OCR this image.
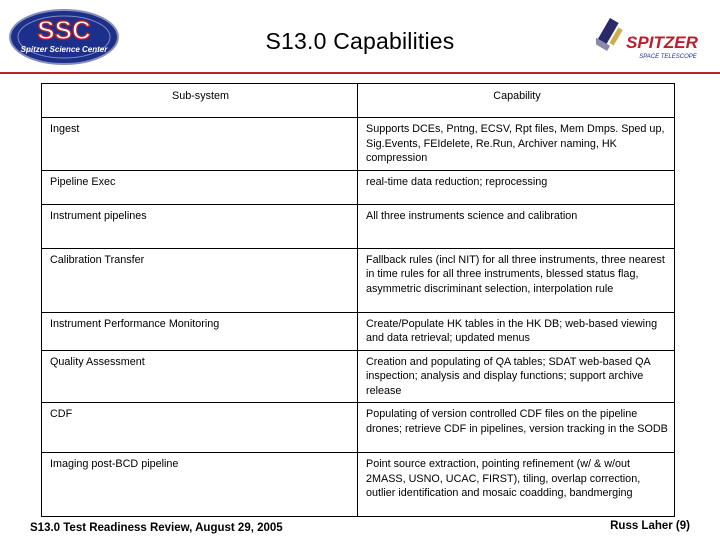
SSC
Spitzer Science Center	S13.0 Capabilities	SPITZER
SPACE TELESCOPE
Sub-system	Capability
Ingest	Supports DCEs, Pntng, ECSV, Rpt files, Mem Dmps. Sped up, Sig.Events, FEIdelete, Re.Run, Archiver naming, HK compression
Pipeline Exec	real-time data reduction; reprocessing
Instrument pipelines	All three instruments science and calibration
Calibration Transfer	Fallback rules (incl NIT) for all three instruments, three nearest in time rules for all three instruments, blessed status flag, asymmetric discriminant selection, interpolation rule
Instrument Performance Monitoring	Create/Populate HK tables in the HK DB; web-based viewing and data retrieval; updated menus
Quality Assessment	Creation and populating of QA tables; SDAT web-based QA inspection; analysis and display functions; support archive release
CDF	Populating of version controlled CDF files on the pipeline drones; retrieve CDF in pipelines, version tracking in the SODB
Imaging post-BCD pipeline	Point source extraction, pointing refinement (w/ & w/out 2MASS, USNO, UCAC, FIRST), tiling, overlap correction, outlier identification and mosaic coadding, bandmerging
S13.0 Test Readiness Review, August 29, 2005	Russ Laher (9)
